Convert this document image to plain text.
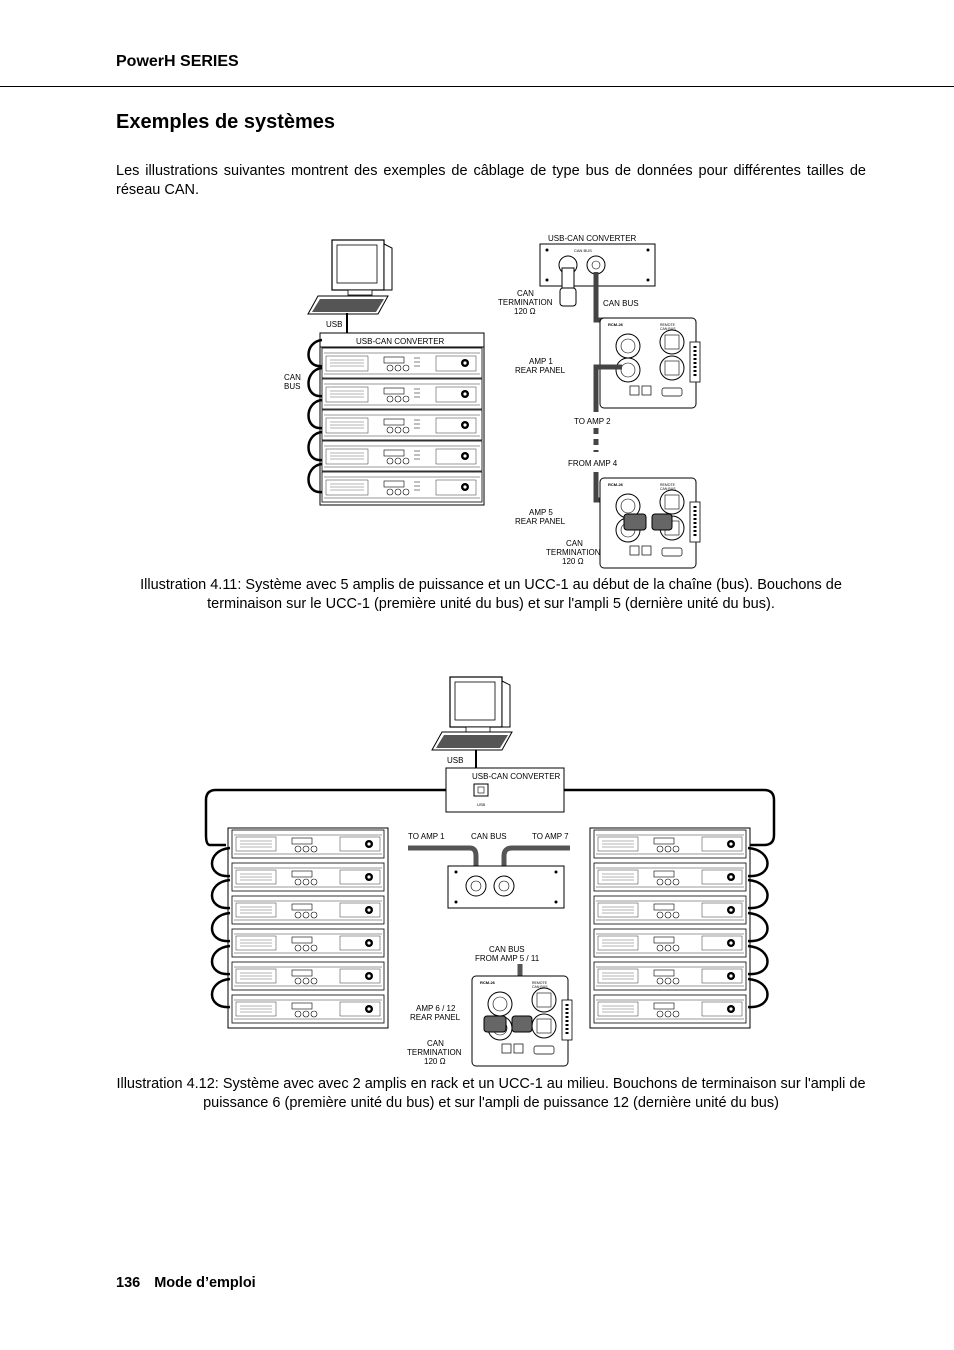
PowerH SERIES
Exemples de systèmes

Les illustrations suivantes montrent des exemples de câblage de type bus de données pour différentes tailles de réseau CAN.

RCM-26	REMOTE
CAN BUS
USB
USB-CAN CONVERTER
CAN
BUS
CAN BUS
USB-CAN CONVERTER
CAN
TERMINATION
120 Ω
CAN BUS
AMP 1
REAR PANEL
TO AMP 2
FROM AMP 4
AMP 5
REAR PANEL
CAN
TERMINATION
120 Ω

Illustration 4.11: Système avec 5 amplis de puissance et un UCC-1 au début de la chaîne (bus). Bouchons de terminaison sur le UCC-1 (première unité du bus) et sur l'ampli 5 (dernière unité du bus).

USB
USB
USB-CAN CONVERTER
TO AMP 1	CAN BUS	TO AMP 7
CAN BUS
FROM AMP 5 / 11
AMP 6 / 12
REAR PANEL
CAN
TERMINATION
120 Ω

Illustration 4.12: Système avec avec 2 amplis en rack et un UCC-1 au milieu. Bouchons de terminaison sur l'ampli de puissance 6 (première unité du bus) et sur l'ampli de puissance 12 (dernière unité du bus)

136 Mode d’emploi
